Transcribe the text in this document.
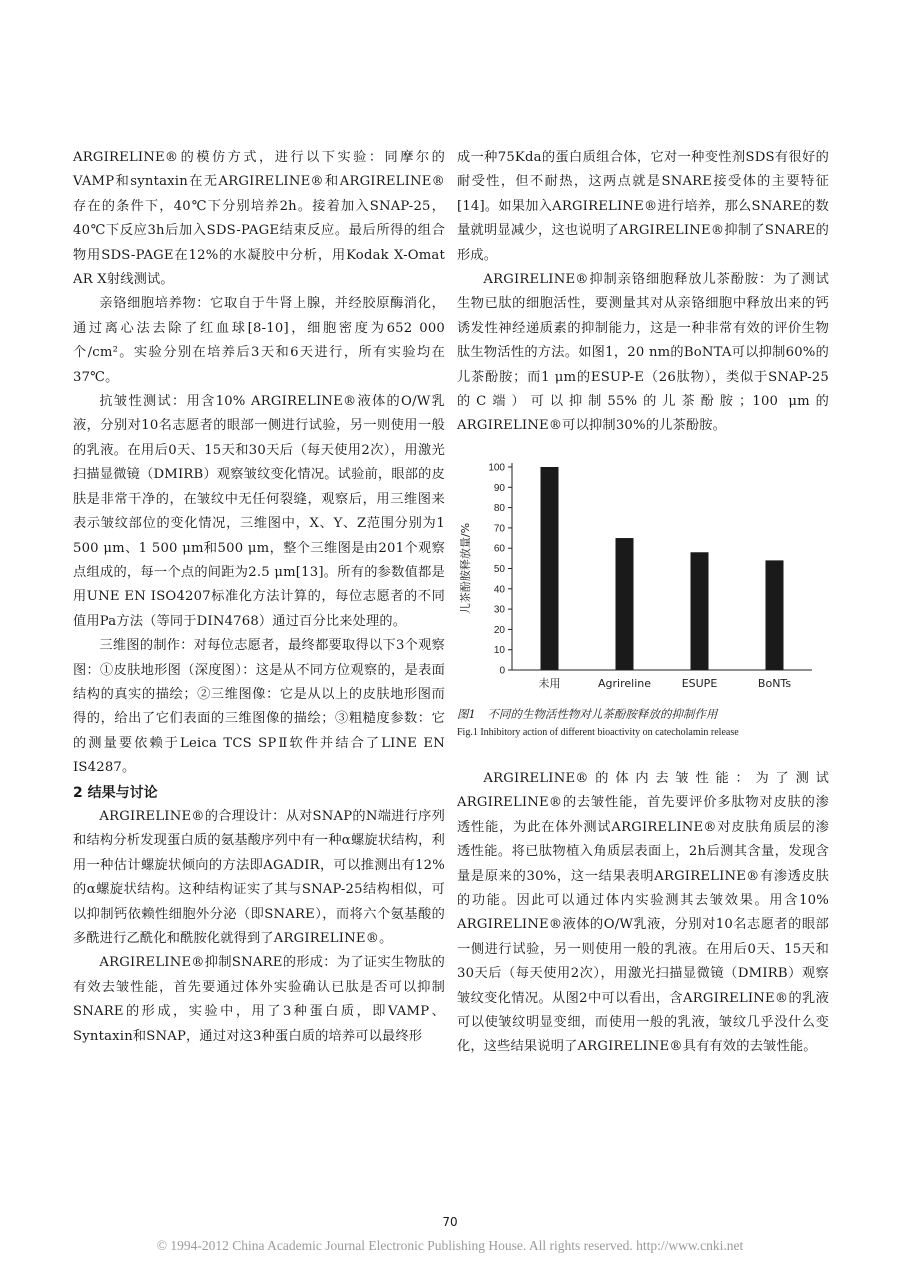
ARGIRELINE®的模仿方式，进行以下实验：同摩尔的VAMP和syntaxin在无ARGIRELINE®和ARGIRELINE®存在的条件下，40℃下分别培养2h。接着加入SNAP-25，40℃下反应3h后加入SDS-PAGE结束反应。最后所得的组合物用SDS-PAGE在12%的水凝胶中分析，用Kodak X-Omat AR X射线测试。

亲铬细胞培养物：它取自于牛肾上腺，并经胶原酶消化，通过离心法去除了红血球[8-10]，细胞密度为652 000个/cm²。实验分别在培养后3天和6天进行，所有实验均在37℃。

抗皱性测试：用含10% ARGIRELINE®液体的O/W乳液，分别对10名志愿者的眼部一侧进行试验，另一则使用一般的乳液。在用后0天、15天和30天后（每天使用2次），用激光扫描显微镜（DMIRB）观察皱纹变化情况。试验前，眼部的皮肤是非常干净的，在皱纹中无任何裂缝，观察后，用三维图来表示皱纹部位的变化情况，三维图中，X、Y、Z范围分别为1 500 μm、1 500 μm和500 μm，整个三维图是由201个观察点组成的，每一个点的间距为2.5 μm[13]。所有的参数值都是用UNE EN ISO4207标准化方法计算的，每位志愿者的不同值用Pa方法（等同于DIN4768）通过百分比来处理的。

三维图的制作：对每位志愿者，最终都要取得以下3个观察图：①皮肤地形图（深度图）：这是从不同方位观察的，是表面结构的真实的描绘；②三维图像：它是从以上的皮肤地形图而得的，给出了它们表面的三维图像的描绘；③粗糙度参数：它的测量要依赖于Leica TCS SPⅡ软件并结合了LINE EN IS4287。

2 结果与讨论

ARGIRELINE®的合理设计：从对SNAP的N端进行序列和结构分析发现蛋白质的氨基酸序列中有一种α螺旋状结构，利用一种估计螺旋状倾向的方法即AGADIR，可以推测出有12%的α螺旋状结构。这种结构证实了其与SNAP-25结构相似，可以抑制钙依赖性细胞外分泌（即SNARE），而将六个氨基酸的多酰进行乙酰化和酰胺化就得到了ARGIRELINE®。

ARGIRELINE®抑制SNARE的形成：为了证实生物肽的有效去皱性能，首先要通过体外实验确认已肽是否可以抑制SNARE的形成，实验中，用了3种蛋白质，即VAMP、Syntaxin和SNAP，通过对这3种蛋白质的培养可以最终形

成一种75Kda的蛋白质组合体，它对一种变性剂SDS有很好的耐受性，但不耐热，这两点就是SNARE接受体的主要特征[14]。如果加入ARGIRELINE®进行培养，那么SNARE的数量就明显减少，这也说明了ARGIRELINE®抑制了SNARE的形成。

ARGIRELINE®抑制亲铬细胞释放儿茶酚胺：为了测试生物已肽的细胞活性，要测量其对从亲铬细胞中释放出来的钙诱发性神经递质素的抑制能力，这是一种非常有效的评价生物肽生物活性的方法。如图1，20 nm的BoNTA可以抑制60%的儿茶酚胺；而1 μm的ESUP-E（26肽物），类似于SNAP-25的C端）可以抑制55%的儿茶酚胺；100 μm的ARGIRELINE®可以抑制30%的儿茶酚胺。

0
10
20
30
40
50
60
70
80
90
100
儿茶酚胺释放量/%
未用	Agrireline	ESUPE	BoNTs
图1　不同的生物活性物对儿茶酚胺释放的抑制作用
Fig.1 Inhibitory action of different bioactivity on catecholamin release

ARGIRELINE®的体内去皱性能：为了测试ARGIRELINE®的去皱性能，首先要评价多肽物对皮肤的渗透性能，为此在体外测试ARGIRELINE®对皮肤角质层的渗透性能。将已肽物植入角质层表面上，2h后测其含量，发现含量是原来的30%，这一结果表明ARGIRELINE®有渗透皮肤的功能。因此可以通过体内实验测其去皱效果。用含10% ARGIRELINE®液体的O/W乳液，分别对10名志愿者的眼部一侧进行试验，另一则使用一般的乳液。在用后0天、15天和30天后（每天使用2次），用激光扫描显微镜（DMIRB）观察皱纹变化情况。从图2中可以看出，含ARGIRELINE®的乳液可以使皱纹明显变细，而使用一般的乳液，皱纹几乎没什么变化，这些结果说明了ARGIRELINE®具有有效的去皱性能。

70
© 1994-2012 China Academic Journal Electronic Publishing House. All rights reserved. http://www.cnki.net
